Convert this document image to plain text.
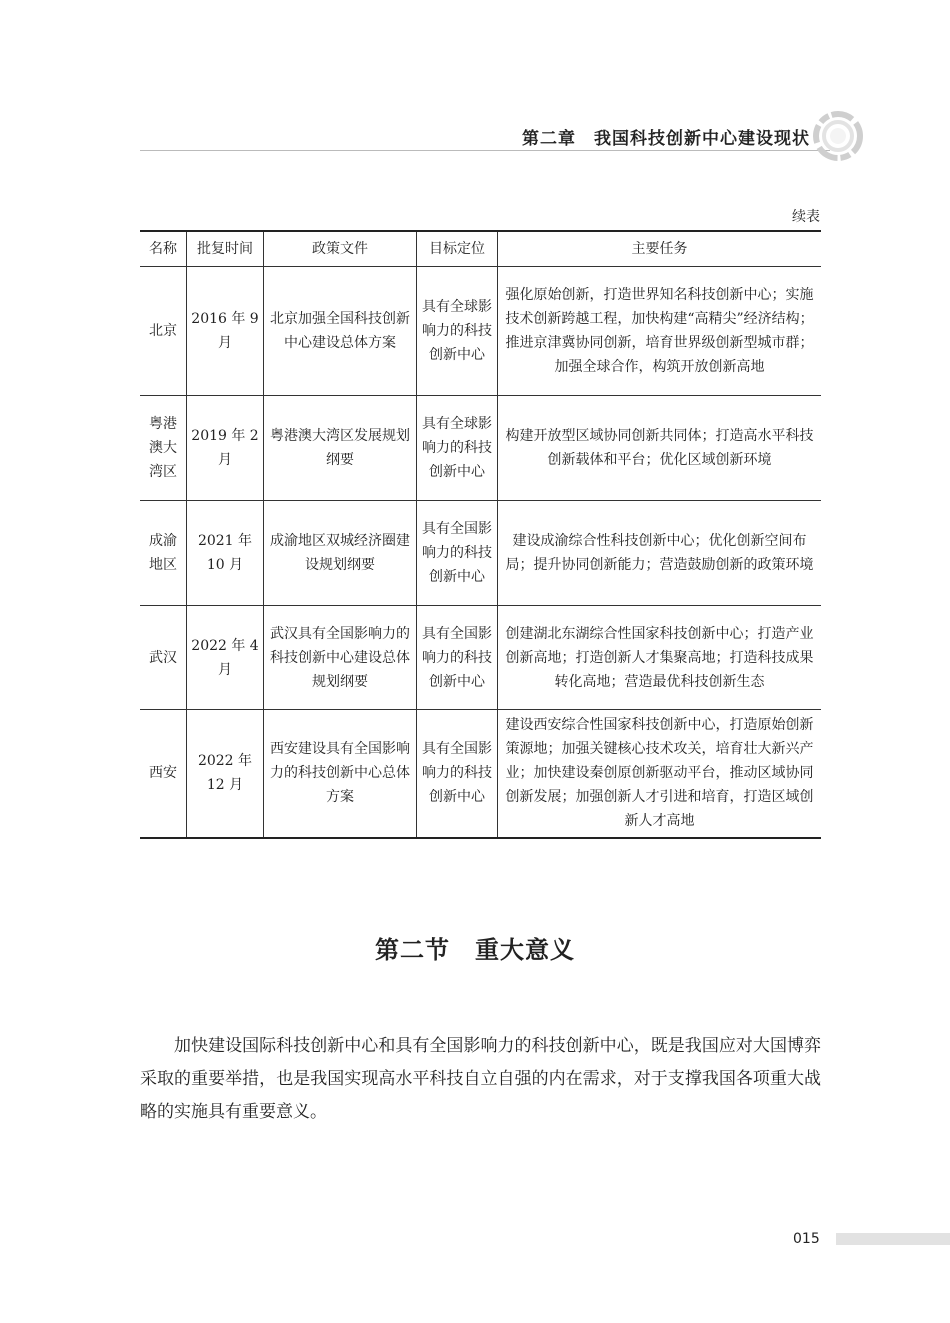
第二章　我国科技创新中心建设现状
续表
名称	批复时间	政策文件	目标定位	主要任务
北京	2016 年 9 月	北京加强全国科技创新中心建设总体方案	具有全球影响力的科技创新中心	强化原始创新，打造世界知名科技创新中心；实施技术创新跨越工程，加快构建“高精尖”经济结构；推进京津冀协同创新，培育世界级创新型城市群；加强全球合作，构筑开放创新高地
粤港澳大湾区	2019 年 2 月	粤港澳大湾区发展规划纲要	具有全球影响力的科技创新中心	构建开放型区域协同创新共同体；打造高水平科技创新载体和平台；优化区域创新环境
成渝地区	2021 年 10 月	成渝地区双城经济圈建设规划纲要	具有全国影响力的科技创新中心	建设成渝综合性科技创新中心；优化创新空间布局；提升协同创新能力；营造鼓励创新的政策环境
武汉	2022 年 4 月	武汉具有全国影响力的科技创新中心建设总体规划纲要	具有全国影响力的科技创新中心	创建湖北东湖综合性国家科技创新中心；打造产业创新高地；打造创新人才集聚高地；打造科技成果转化高地；营造最优科技创新生态
西安	2022 年 12 月	西安建设具有全国影响力的科技创新中心总体方案	具有全国影响力的科技创新中心	建设西安综合性国家科技创新中心，打造原始创新策源地；加强关键核心技术攻关，培育壮大新兴产业；加快建设秦创原创新驱动平台，推动区域协同创新发展；加强创新人才引进和培育，打造区域创新人才高地
第二节　重大意义
加快建设国际科技创新中心和具有全国影响力的科技创新中心，既是我国应对大国博弈采取的重要举措，也是我国实现高水平科技自立自强的内在需求，对于支撑我国各项重大战略的实施具有重要意义。
015
